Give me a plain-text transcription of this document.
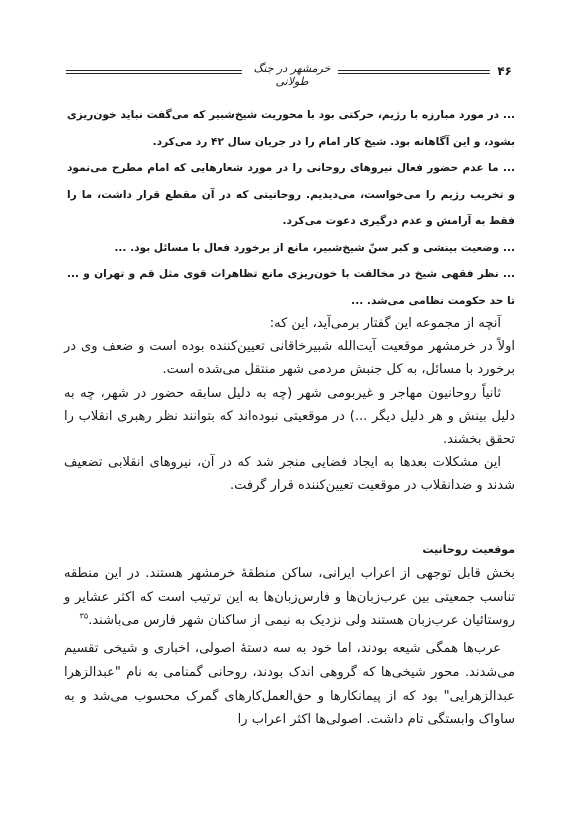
۴۶
خرمشهر در جنگ طولانی

... در مورد مبارزه با رژیم، حرکتی بود با محوریت شیخ‌شبیر که می‌گفت نباید خون‌ریزی بشود، و این آگاهانه بود. شیخ کار امام را در جریان سال ۴۲ رد می‌کرد.

... ما عدم حضور فعال نیروهای روحانی را در مورد شعارهایی که امام مطرح می‌نمود و تخریب رژیم را می‌خواست، می‌دیدیم. روحانیتی که در آن مقطع قرار داشت، ما را فقط به آرامش و عدم درگیری دعوت می‌کرد.

... وضعیت بینشی و کبر سنّ شیخ‌شبیر، مانع از برخورد فعال با مسائل بود. ...

... نظر فقهی شیخ در مخالفت با خون‌ریزی مانع تظاهرات قوی مثل قم و تهران و ... تا حد حکومت نظامی می‌شد. ...

آنچه از مجموعه این گفتار برمی‌آید، این که:

اولاً در خرمشهر موقعیت آیت‌الله شبیرخاقانی تعیین‌کننده بوده است و ضعف وی در برخورد با مسائل، به کل جنبش مردمی شهر منتقل می‌شده است.

ثانیاً روحانیون مهاجر و غیربومی شهر (چه به دلیل سابقه حضور در شهر، چه به دلیل بینش و هر دلیل دیگر ...) در موقعیتی نبوده‌اند که بتوانند نظر رهبری انقلاب را تحقق بخشند.

این مشکلات بعدها به ایجاد فضایی منجر شد که در آن، نیروهای انقلابی تضعیف شدند و ضدانقلاب در موقعیت تعیین‌کننده قرار گرفت.

موقعیت روحانیت

بخش قابل توجهی از اعراب ایرانی، ساکن منطقهٔ خرمشهر هستند. در این منطقه تناسب جمعیتی بین عرب‌زبان‌ها و فارس‌زبان‌ها به این ترتیب است که اکثر عشایر و روستائیان عرب‌زبان هستند ولی نزدیک به نیمی از ساکنان شهر فارس می‌باشند.$^{۳۵}$

عرب‌ها همگی شیعه بودند، اما خود به سه دستهٔ اصولی، اخباری و شیخی تقسیم می‌شدند. محور شیخی‌ها که گروهی اندک بودند، روحانی گمنامی به نام "عبدالزهرا عبدالزهرایی" بود که از پیمانکارها و حق‌العمل‌کارهای گمرک محسوب می‌شد و به ساواک وابستگی تام داشت. اصولی‌ها اکثر اعراب را
